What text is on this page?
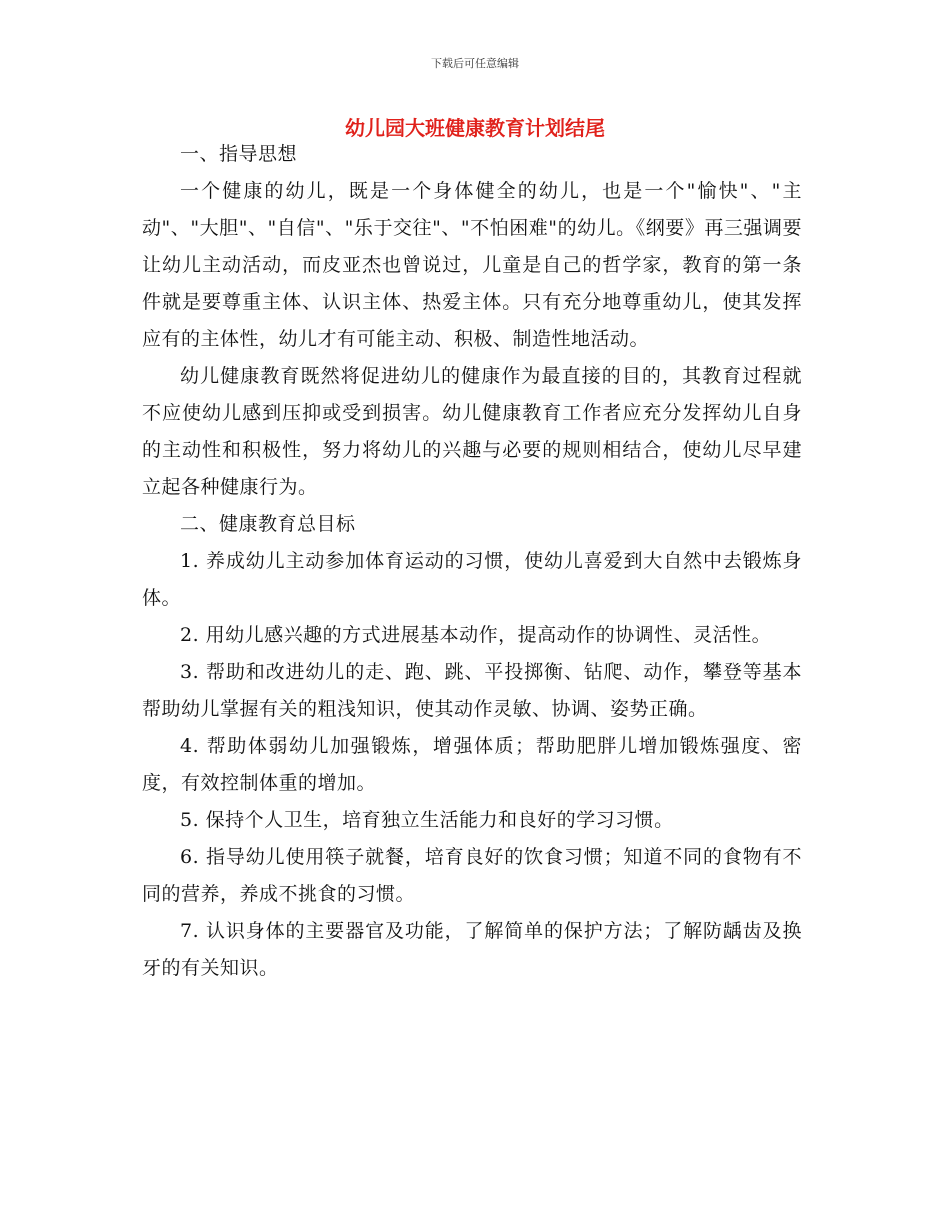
下载后可任意编辑
幼儿园大班健康教育计划结尾

一、指导思想

一个健康的幼儿，既是一个身体健全的幼儿，也是一个"愉快"、"主动"、"大胆"、"自信"、"乐于交往"、"不怕困难"的幼儿。《纲要》再三强调要让幼儿主动活动，而皮亚杰也曾说过，儿童是自己的哲学家，教育的第一条件就是要尊重主体、认识主体、热爱主体。只有充分地尊重幼儿，使其发挥应有的主体性，幼儿才有可能主动、积极、制造性地活动。

幼儿健康教育既然将促进幼儿的健康作为最直接的目的，其教育过程就不应使幼儿感到压抑或受到损害。幼儿健康教育工作者应充分发挥幼儿自身的主动性和积极性，努力将幼儿的兴趣与必要的规则相结合，使幼儿尽早建立起各种健康行为。

二、健康教育总目标

1. 养成幼儿主动参加体育运动的习惯，使幼儿喜爱到大自然中去锻炼身体。

2. 用幼儿感兴趣的方式进展基本动作，提高动作的协调性、灵活性。

3. 帮助和改进幼儿的走、跑、跳、平投掷衡、钻爬、动作，攀登等基本帮助幼儿掌握有关的粗浅知识，使其动作灵敏、协调、姿势正确。

4. 帮助体弱幼儿加强锻炼，增强体质；帮助肥胖儿增加锻炼强度、密度，有效控制体重的增加。

5. 保持个人卫生，培育独立生活能力和良好的学习习惯。

6. 指导幼儿使用筷子就餐，培育良好的饮食习惯；知道不同的食物有不同的营养，养成不挑食的习惯。

7. 认识身体的主要器官及功能，了解简单的保护方法；了解防龋齿及换牙的有关知识。
